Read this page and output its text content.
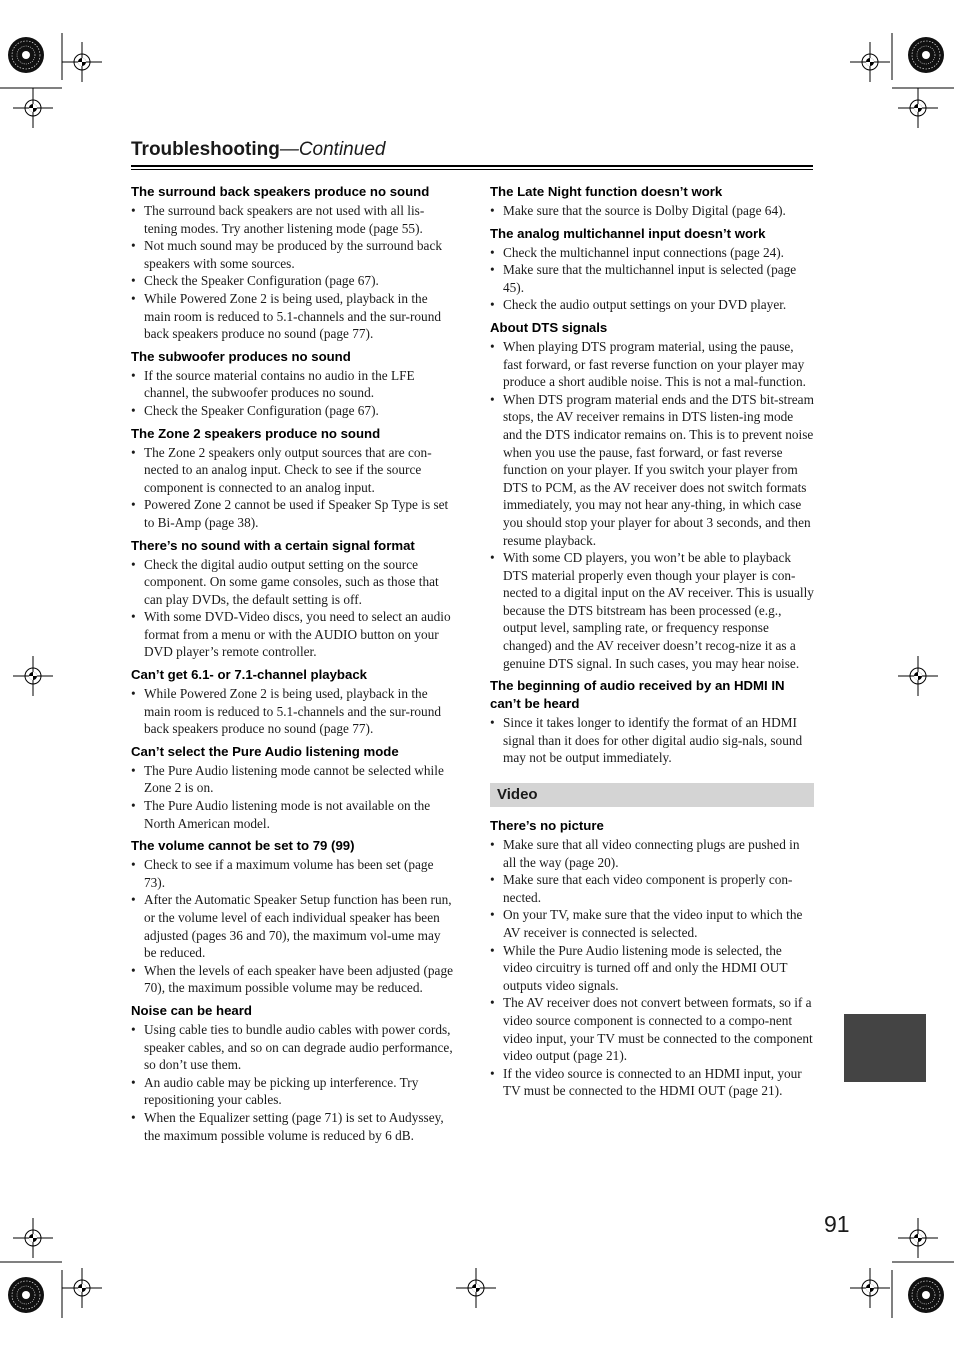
Troubleshooting—Continued
The surround back speakers produce no sound
• The surround back speakers are not used with all lis-tening modes. Try another listening mode (page 55).
• Not much sound may be produced by the surround back speakers with some sources.
• Check the Speaker Configuration (page 67).
• While Powered Zone 2 is being used, playback in the main room is reduced to 5.1-channels and the sur-round back speakers produce no sound (page 77).
The subwoofer produces no sound
• If the source material contains no audio in the LFE channel, the subwoofer produces no sound.
• Check the Speaker Configuration (page 67).
The Zone 2 speakers produce no sound
• The Zone 2 speakers only output sources that are con-nected to an analog input. Check to see if the source component is connected to an analog input.
• Powered Zone 2 cannot be used if Speaker Sp Type is set to Bi-Amp (page 38).
There’s no sound with a certain signal format
• Check the digital audio output setting on the source component. On some game consoles, such as those that can play DVDs, the default setting is off.
• With some DVD-Video discs, you need to select an audio format from a menu or with the AUDIO button on your DVD player’s remote controller.
Can’t get 6.1- or 7.1-channel playback
• While Powered Zone 2 is being used, playback in the main room is reduced to 5.1-channels and the sur-round back speakers produce no sound (page 77).
Can’t select the Pure Audio listening mode
• The Pure Audio listening mode cannot be selected while Zone 2 is on.
• The Pure Audio listening mode is not available on the North American model.
The volume cannot be set to 79 (99)
• Check to see if a maximum volume has been set (page 73).
• After the Automatic Speaker Setup function has been run, or the volume level of each individual speaker has been adjusted (pages 36 and 70), the maximum vol-ume may be reduced.
• When the levels of each speaker have been adjusted (page 70), the maximum possible volume may be reduced.
Noise can be heard
• Using cable ties to bundle audio cables with power cords, speaker cables, and so on can degrade audio performance, so don’t use them.
• An audio cable may be picking up interference. Try repositioning your cables.
• When the Equalizer setting (page 71) is set to Audyssey, the maximum possible volume is reduced by 6 dB.
The Late Night function doesn’t work
• Make sure that the source is Dolby Digital (page 64).
The analog multichannel input doesn’t work
• Check the multichannel input connections (page 24).
• Make sure that the multichannel input is selected (page 45).
• Check the audio output settings on your DVD player.
About DTS signals
• When playing DTS program material, using the pause, fast forward, or fast reverse function on your player may produce a short audible noise. This is not a mal-function.
• When DTS program material ends and the DTS bit-stream stops, the AV receiver remains in DTS listen-ing mode and the DTS indicator remains on. This is to prevent noise when you use the pause, fast forward, or fast reverse function on your player. If you switch your player from DTS to PCM, as the AV receiver does not switch formats immediately, you may not hear any-thing, in which case you should stop your player for about 3 seconds, and then resume playback.
• With some CD players, you won’t be able to playback DTS material properly even though your player is con-nected to a digital input on the AV receiver. This is usually because the DTS bitstream has been processed (e.g., output level, sampling rate, or frequency response changed) and the AV receiver doesn’t recog-nize it as a genuine DTS signal. In such cases, you may hear noise.
The beginning of audio received by an HDMI IN can’t be heard
• Since it takes longer to identify the format of an HDMI signal than it does for other digital audio sig-nals, sound may not be output immediately.
Video
There’s no picture
• Make sure that all video connecting plugs are pushed in all the way (page 20).
• Make sure that each video component is properly con-nected.
• On your TV, make sure that the video input to which the AV receiver is connected is selected.
• While the Pure Audio listening mode is selected, the video circuitry is turned off and only the HDMI OUT outputs video signals.
• The AV receiver does not convert between formats, so if a video source component is connected to a compo-nent video input, your TV must be connected to the component video output (page 21).
• If the video source is connected to an HDMI input, your TV must be connected to the HDMI OUT (page 21).
91
